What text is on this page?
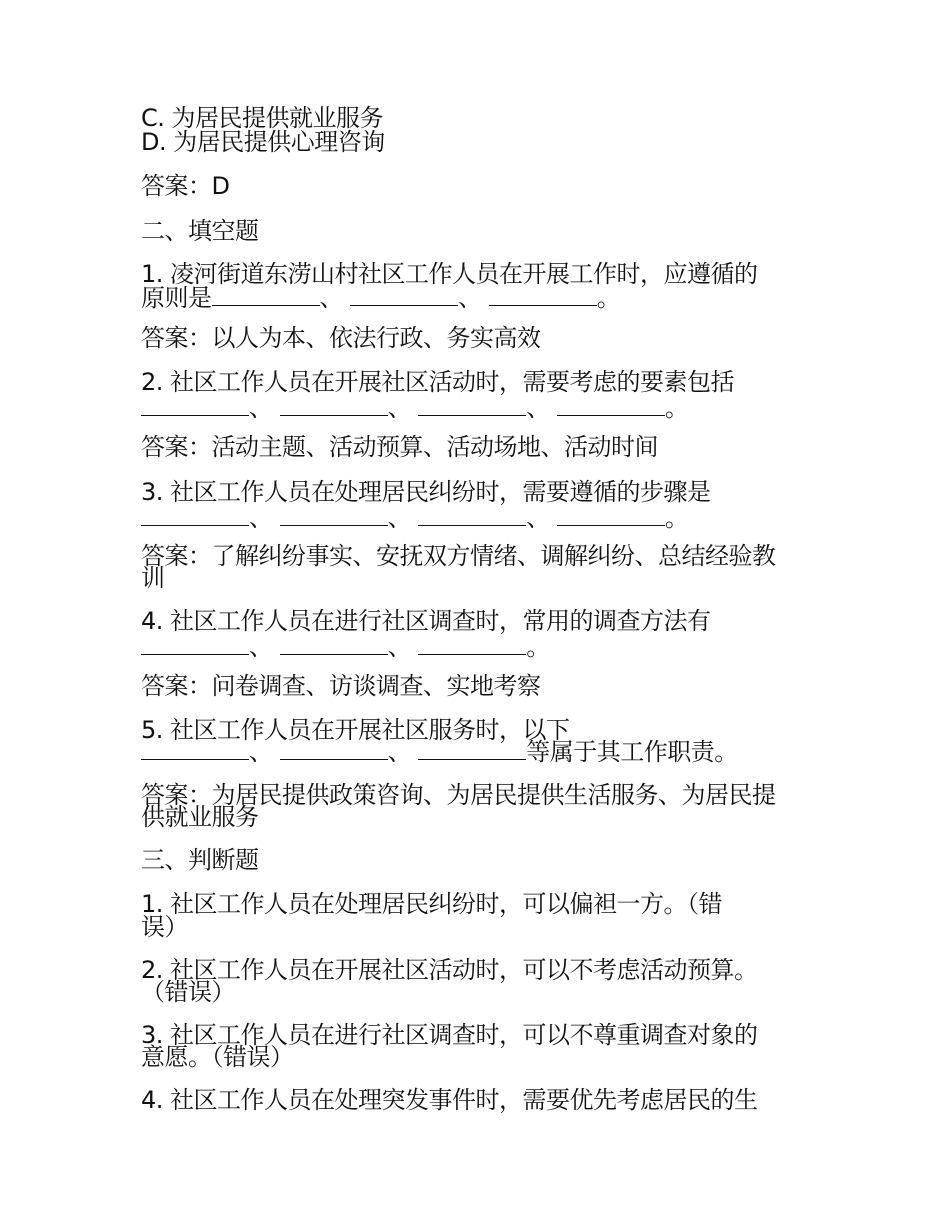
C. 为居民提供就业服务
D. 为居民提供心理咨询
答案：D
二、填空题
1. 凌河街道东涝山村社区工作人员在开展工作时，应遵循的
原则是	、	、	。
答案：以人为本、依法行政、务实高效
2. 社区工作人员在开展社区活动时，需要考虑的要素包括
、	、	、	。
答案：活动主题、活动预算、活动场地、活动时间
3. 社区工作人员在处理居民纠纷时，需要遵循的步骤是
、	、	、	。
答案：了解纠纷事实、安抚双方情绪、调解纠纷、总结经验教
训
4. 社区工作人员在进行社区调查时，常用的调查方法有
、	、	。
答案：问卷调查、访谈调查、实地考察
5. 社区工作人员在开展社区服务时，以下
、	、	等属于其工作职责。
答案：为居民提供政策咨询、为居民提供生活服务、为居民提
供就业服务
三、判断题
1. 社区工作人员在处理居民纠纷时，可以偏袒一方。（错
误）
2. 社区工作人员在开展社区活动时，可以不考虑活动预算。
（错误）
3. 社区工作人员在进行社区调查时，可以不尊重调查对象的
意愿。（错误）
4. 社区工作人员在处理突发事件时，需要优先考虑居民的生
